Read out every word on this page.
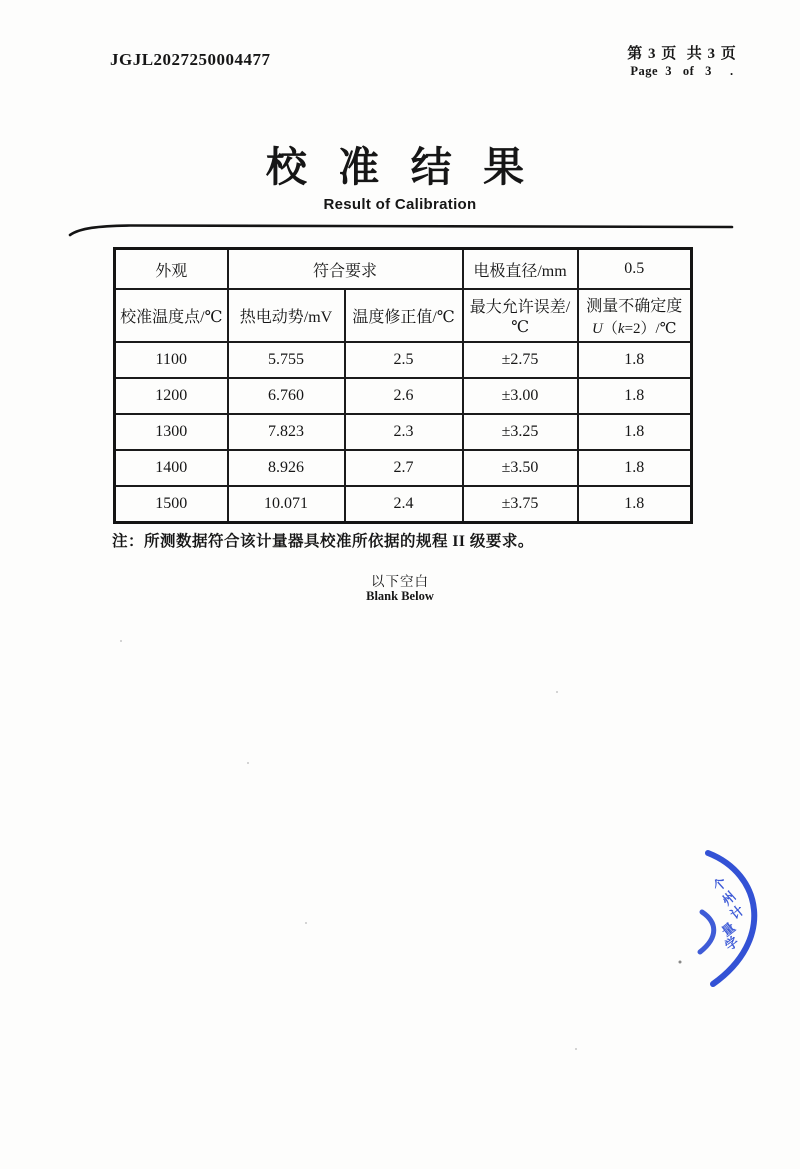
JGJL2027250004477	第 3 页  共 3 页
Page  3   of   3     .
校 准 结 果
Result of Calibration
外观	符合要求		电极直径/mm	0.5
校准温度点/℃	热电动势/mV	温度修正值/℃	最大允许误差/℃	测量不确定度
U（k=2）/℃

1100	5.755	2.5	±2.75	1.8
1200	6.760	2.6	±3.00	1.8
1300	7.823	2.3	±3.25	1.8
1400	8.926	2.7	±3.50	1.8
1500	10.071	2.4	±3.75	1.8
注：所测数据符合该计量器具校准所依据的规程 II 级要求。
以下空白
Blank Below
个
州
计
量
学
